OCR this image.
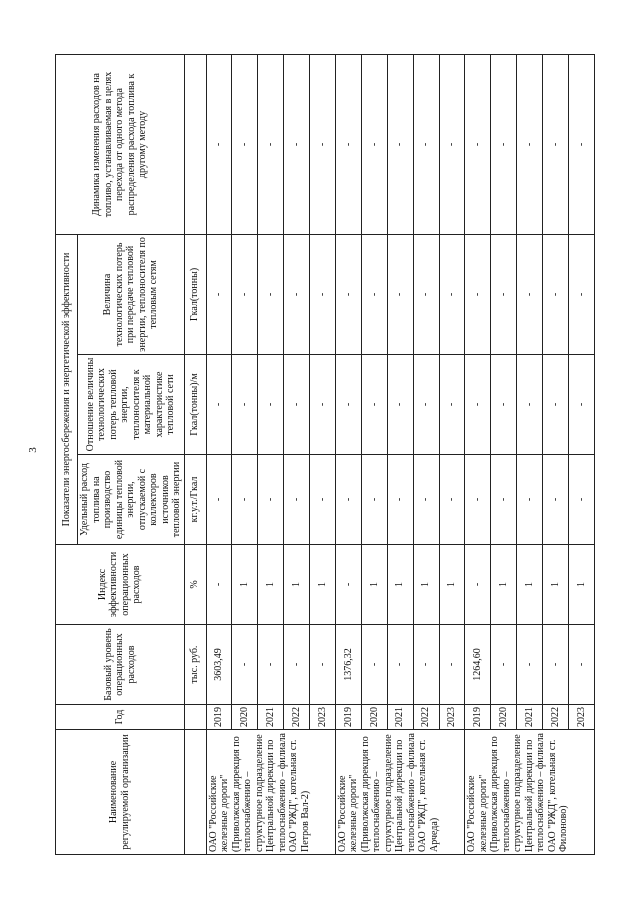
3
Наименование регулируемой организации	Год	Базовый уровень операционных расходов	Индекс эффективности операционных расходов	Показатели энергосбережения и энергетической эффективности			Динамика изменения расходов на топливо, устанавливаемая в целях перехода от одного метода распределения расхода топлива к другому методу
				Удельный расход топлива на производство единицы тепловой энергии, отпускаемой с коллекторов источников тепловой энергии	Отношение величины технологических потерь тепловой энергии, теплоносителя к материальной характеристике тепловой сети	Величина технологических потерь при передаче тепловой энергии, теплоносителя по тепловым сетям	
		тыс. руб.	%	кг.у.т./Гкал	Гкал(тонны)/м	Гкал(тонны)	
ОАО "Российские железные дороги" (Приволжская дирекция по теплоснабжению – структурное подразделение Центральной дирекции по теплоснабжению – филиала ОАО "РЖД", котельная ст. Петров Вал-2)	2019	3603,49	-	-	-	-	-
	2020	-	1	-	-	-	-
	2021	-	1	-	-	-	-
	2022	-	1	-	-	-	-
	2023	-	1	-	-	-	-
ОАО "Российские железные дороги" (Приволжская дирекция по теплоснабжению – структурное подразделение Центральной дирекции по теплоснабжению – филиала ОАО "РЖД", котельная ст. Арчеда)	2019	1376,32	-	-	-	-	-
	2020	-	1	-	-	-	-
	2021	-	1	-	-	-	-
	2022	-	1	-	-	-	-
	2023	-	1	-	-	-	-
ОАО "Российские железные дороги" (Приволжская дирекция по теплоснабжению – структурное подразделение Центральной дирекции по теплоснабжению – филиала ОАО "РЖД", котельная ст. Филоново)	2019	1264,60	-	-	-	-	-
	2020	-	1	-	-	-	-
	2021	-	1	-	-	-	-
	2022	-	1	-	-	-	-
	2023	-	1	-	-	-	-
